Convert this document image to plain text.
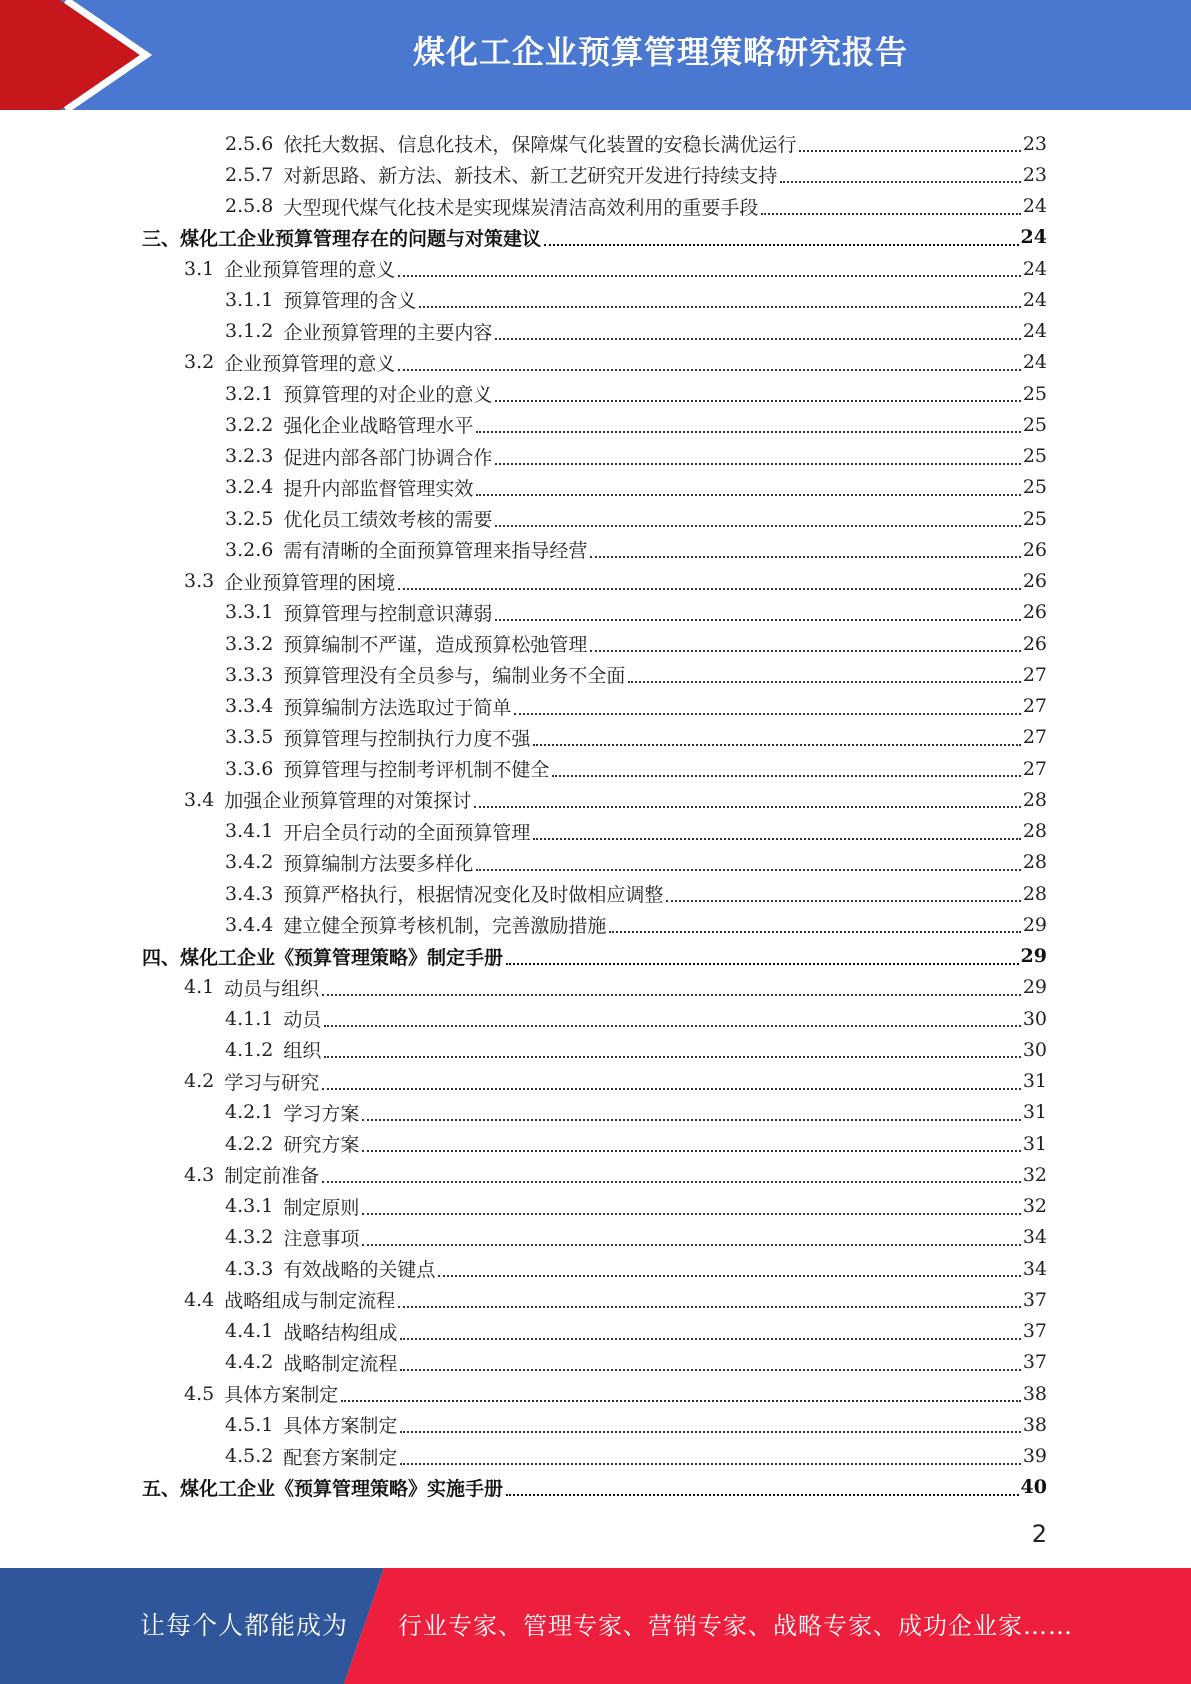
煤化工企业预算管理策略研究报告
2.5.6 依托大数据、信息化技术，保障煤气化装置的安稳长满优运行	23
2.5.7 对新思路、新方法、新技术、新工艺研究开发进行持续支持	23
2.5.8 大型现代煤气化技术是实现煤炭清洁高效利用的重要手段	24
三、煤化工企业预算管理存在的问题与对策建议	24
3.1 企业预算管理的意义	24
3.1.1 预算管理的含义	24
3.1.2 企业预算管理的主要内容	24
3.2 企业预算管理的意义	24
3.2.1 预算管理的对企业的意义	25
3.2.2 强化企业战略管理水平	25
3.2.3 促进内部各部门协调合作	25
3.2.4 提升内部监督管理实效	25
3.2.5 优化员工绩效考核的需要	25
3.2.6 需有清晰的全面预算管理来指导经营	26
3.3 企业预算管理的困境	26
3.3.1 预算管理与控制意识薄弱	26
3.3.2 预算编制不严谨，造成预算松弛管理	26
3.3.3 预算管理没有全员参与，编制业务不全面	27
3.3.4 预算编制方法选取过于简单	27
3.3.5 预算管理与控制执行力度不强	27
3.3.6 预算管理与控制考评机制不健全	27
3.4 加强企业预算管理的对策探讨	28
3.4.1 开启全员行动的全面预算管理	28
3.4.2 预算编制方法要多样化	28
3.4.3 预算严格执行，根据情况变化及时做相应调整	28
3.4.4 建立健全预算考核机制，完善激励措施	29
四、煤化工企业《预算管理策略》制定手册	29
4.1 动员与组织	29
4.1.1 动员	30
4.1.2 组织	30
4.2 学习与研究	31
4.2.1 学习方案	31
4.2.2 研究方案	31
4.3 制定前准备	32
4.3.1 制定原则	32
4.3.2 注意事项	34
4.3.3 有效战略的关键点	34
4.4 战略组成与制定流程	37
4.4.1 战略结构组成	37
4.4.2 战略制定流程	37
4.5 具体方案制定	38
4.5.1 具体方案制定	38
4.5.2 配套方案制定	39
五、煤化工企业《预算管理策略》实施手册	40
2
让每个人都能成为 行业专家、管理专家、营销专家、战略专家、成功企业家……
